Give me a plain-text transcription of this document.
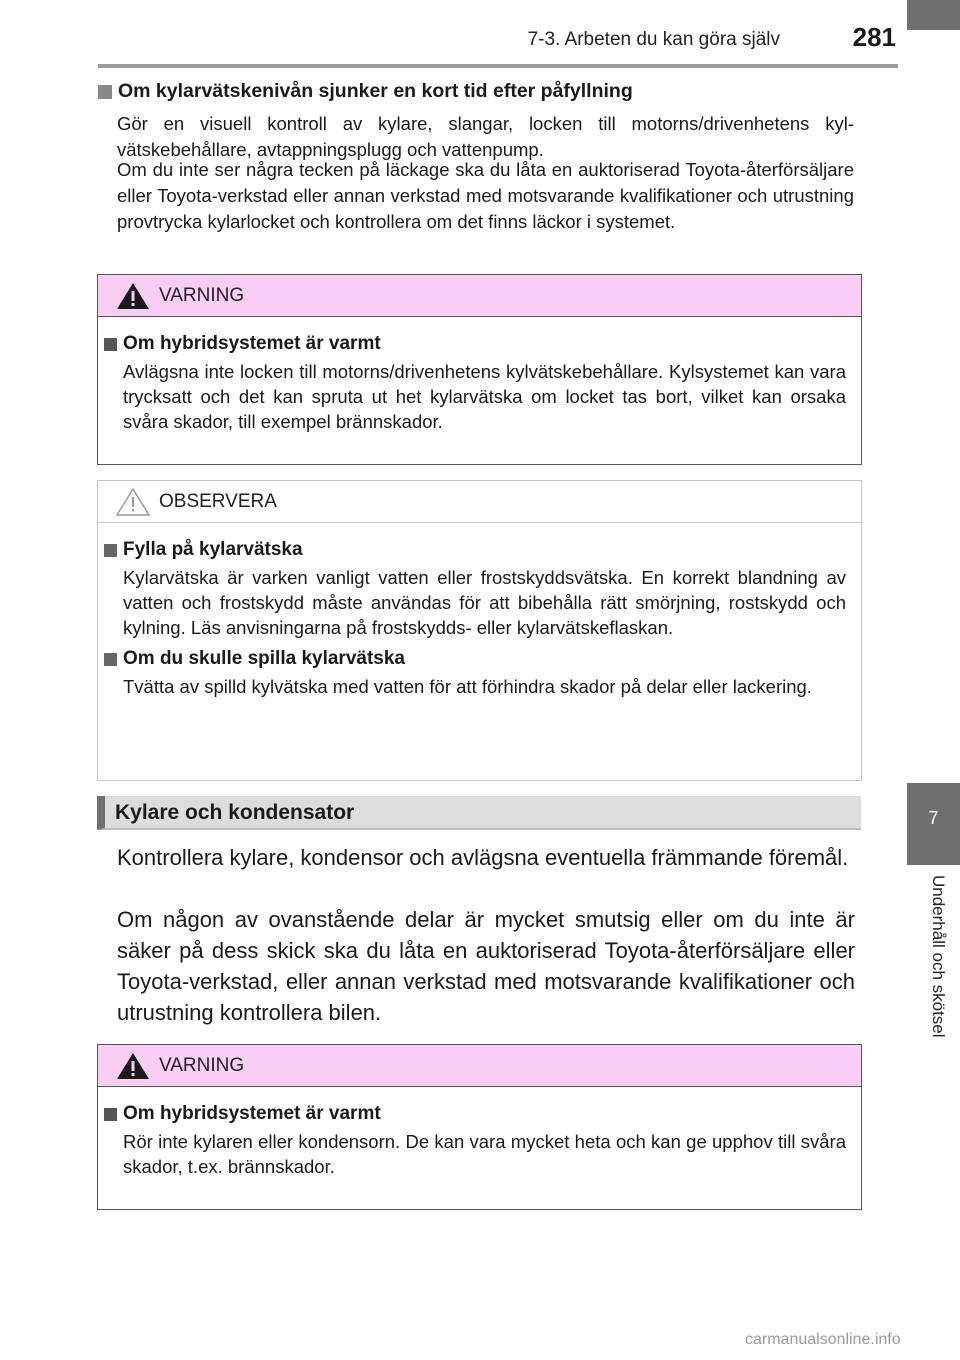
7-3. Arbeten du kan göra själv	281
7
Underhåll och skötsel
Om kylarvätskenivån sjunker en kort tid efter påfyllning

Gör en visuell kontroll av kylare, slangar, locken till motorns/drivenhetens kylvätskebehållare, avtappningsplugg och vattenpump.

Om du inte ser några tecken på läckage ska du låta en auktoriserad Toyota-återförsäljare eller Toyota-verkstad eller annan verkstad med motsvarande kvalifikationer och utrustning provtrycka kylarlocket och kontrollera om det finns läckor i systemet.

VARNING
Om hybridsystemet är varmt

Avlägsna inte locken till motorns/drivenhetens kylvätskebehållare. Kylsystemet kan vara trycksatt och det kan spruta ut het kylarvätska om locket tas bort, vilket kan orsaka svåra skador, till exempel brännskador.

OBSERVERA
Fylla på kylarvätska

Kylarvätska är varken vanligt vatten eller frostskyddsvätska. En korrekt blandning av vatten och frostskydd måste användas för att bibehålla rätt smörjning, rostskydd och kylning. Läs anvisningarna på frostskydds- eller kylarvätskeflaskan.

Om du skulle spilla kylarvätska

Tvätta av spilld kylvätska med vatten för att förhindra skador på delar eller lackering.

Kylare och kondensator

Kontrollera kylare, kondensor och avlägsna eventuella främmande föremål.

Om någon av ovanstående delar är mycket smutsig eller om du inte är säker på dess skick ska du låta en auktoriserad Toyota-återförsäljare eller Toyota-verkstad, eller annan verkstad med motsvarande kvalifikationer och utrustning kontrollera bilen.

VARNING
Om hybridsystemet är varmt

Rör inte kylaren eller kondensorn. De kan vara mycket heta och kan ge upphov till svåra skador, t.ex. brännskador.

carmanualsonline.info
